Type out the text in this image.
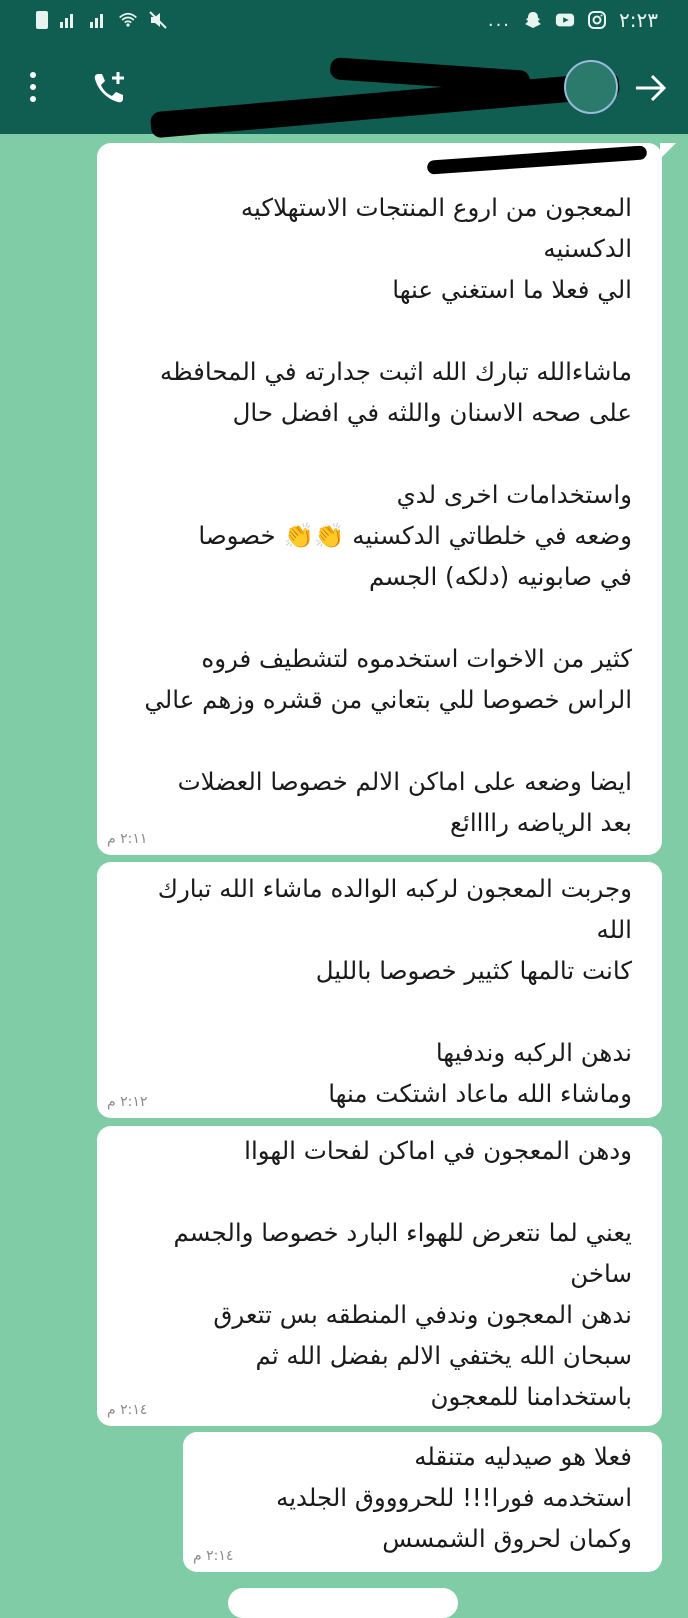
...	٢:٢٣
المعجون من اروع المنتجات الاستهلاكيه
الدكسنيه
الي فعلا ما استغني عنها
ماشاءالله تبارك الله اثبت جدارته في المحافظه
على صحه الاسنان واللثه في افضل حال
واستخدامات اخرى لدي
وضعه في خلطاتي الدكسنيه 👏👏 خصوصا
في صابونيه (دلكه) الجسم
كثير من الاخوات استخدموه لتشطيف فروه
الراس خصوصا للي بتعاني من قشره وزهم عالي
ايضا وضعه على اماكن الالم خصوصا العضلات
بعد الرياضه راااائع
٢:١١ م
وجربت المعجون لركبه الوالده ماشاء الله تبارك
الله
كانت تالمها كثيير خصوصا بالليل
ندهن الركبه وندفيها
وماشاء الله ماعاد اشتكت منها
٢:١٢ م
ودهن المعجون في اماكن لفحات الهواا
يعني لما نتعرض للهواء البارد خصوصا والجسم
ساخن
ندهن المعجون وندفي المنطقه بس تتعرق
سبحان الله يختفي الالم بفضل الله ثم
باستخدامنا للمعجون
٢:١٤ م
فعلا هو صيدليه متنقله
استخدمه فورا!!! للحروووق الجلديه
وكمان لحروق الشمسس
٢:١٤ م
